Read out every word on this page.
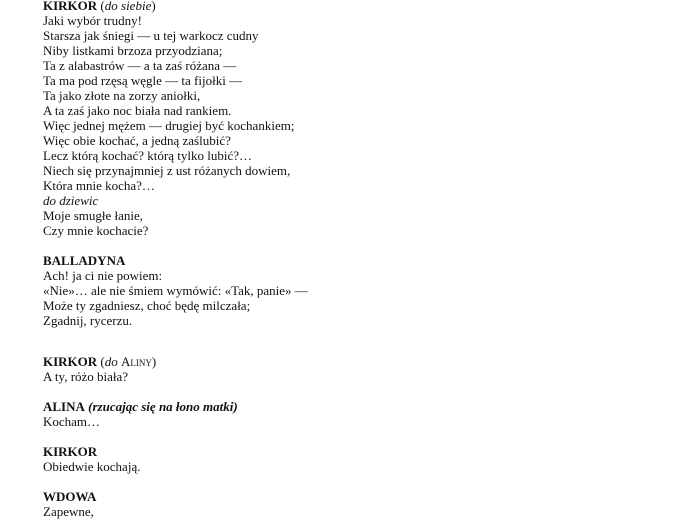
KIRKOR (do siebie)
Jaki wybór trudny!
Starsza jak śniegi — u tej warkocz cudny
Niby listkami brzoza przyodziana;
Ta z alabastrów — a ta zaś różana —
Ta ma pod rzęsą węgle — ta fijołki —
Ta jako złote na zorzy aniołki,
A ta zaś jako noc biała nad rankiem.
Więc jednej mężem — drugiej być kochankiem;
Więc obie kochać, a jedną zaślubić?
Lecz którą kochać? którą tylko lubić?…
Niech się przynajmniej z ust różanych dowiem,
Która mnie kocha?…
do dziewic
Moje smugłe łanie,
Czy mnie kochacie?
BALLADYNA
Ach! ja ci nie powiem:
«Nie»… ale nie śmiem wymówić: «Tak, panie» —
Może ty zgadniesz, choć będę milczała;
Zgadnij, rycerzu.
KIRKOR (do Aliny)
A ty, różo biała?
ALINA (rzucając się na łono matki)
Kocham…
KIRKOR
Obiedwie kochają.
WDOWA
Zapewne,
